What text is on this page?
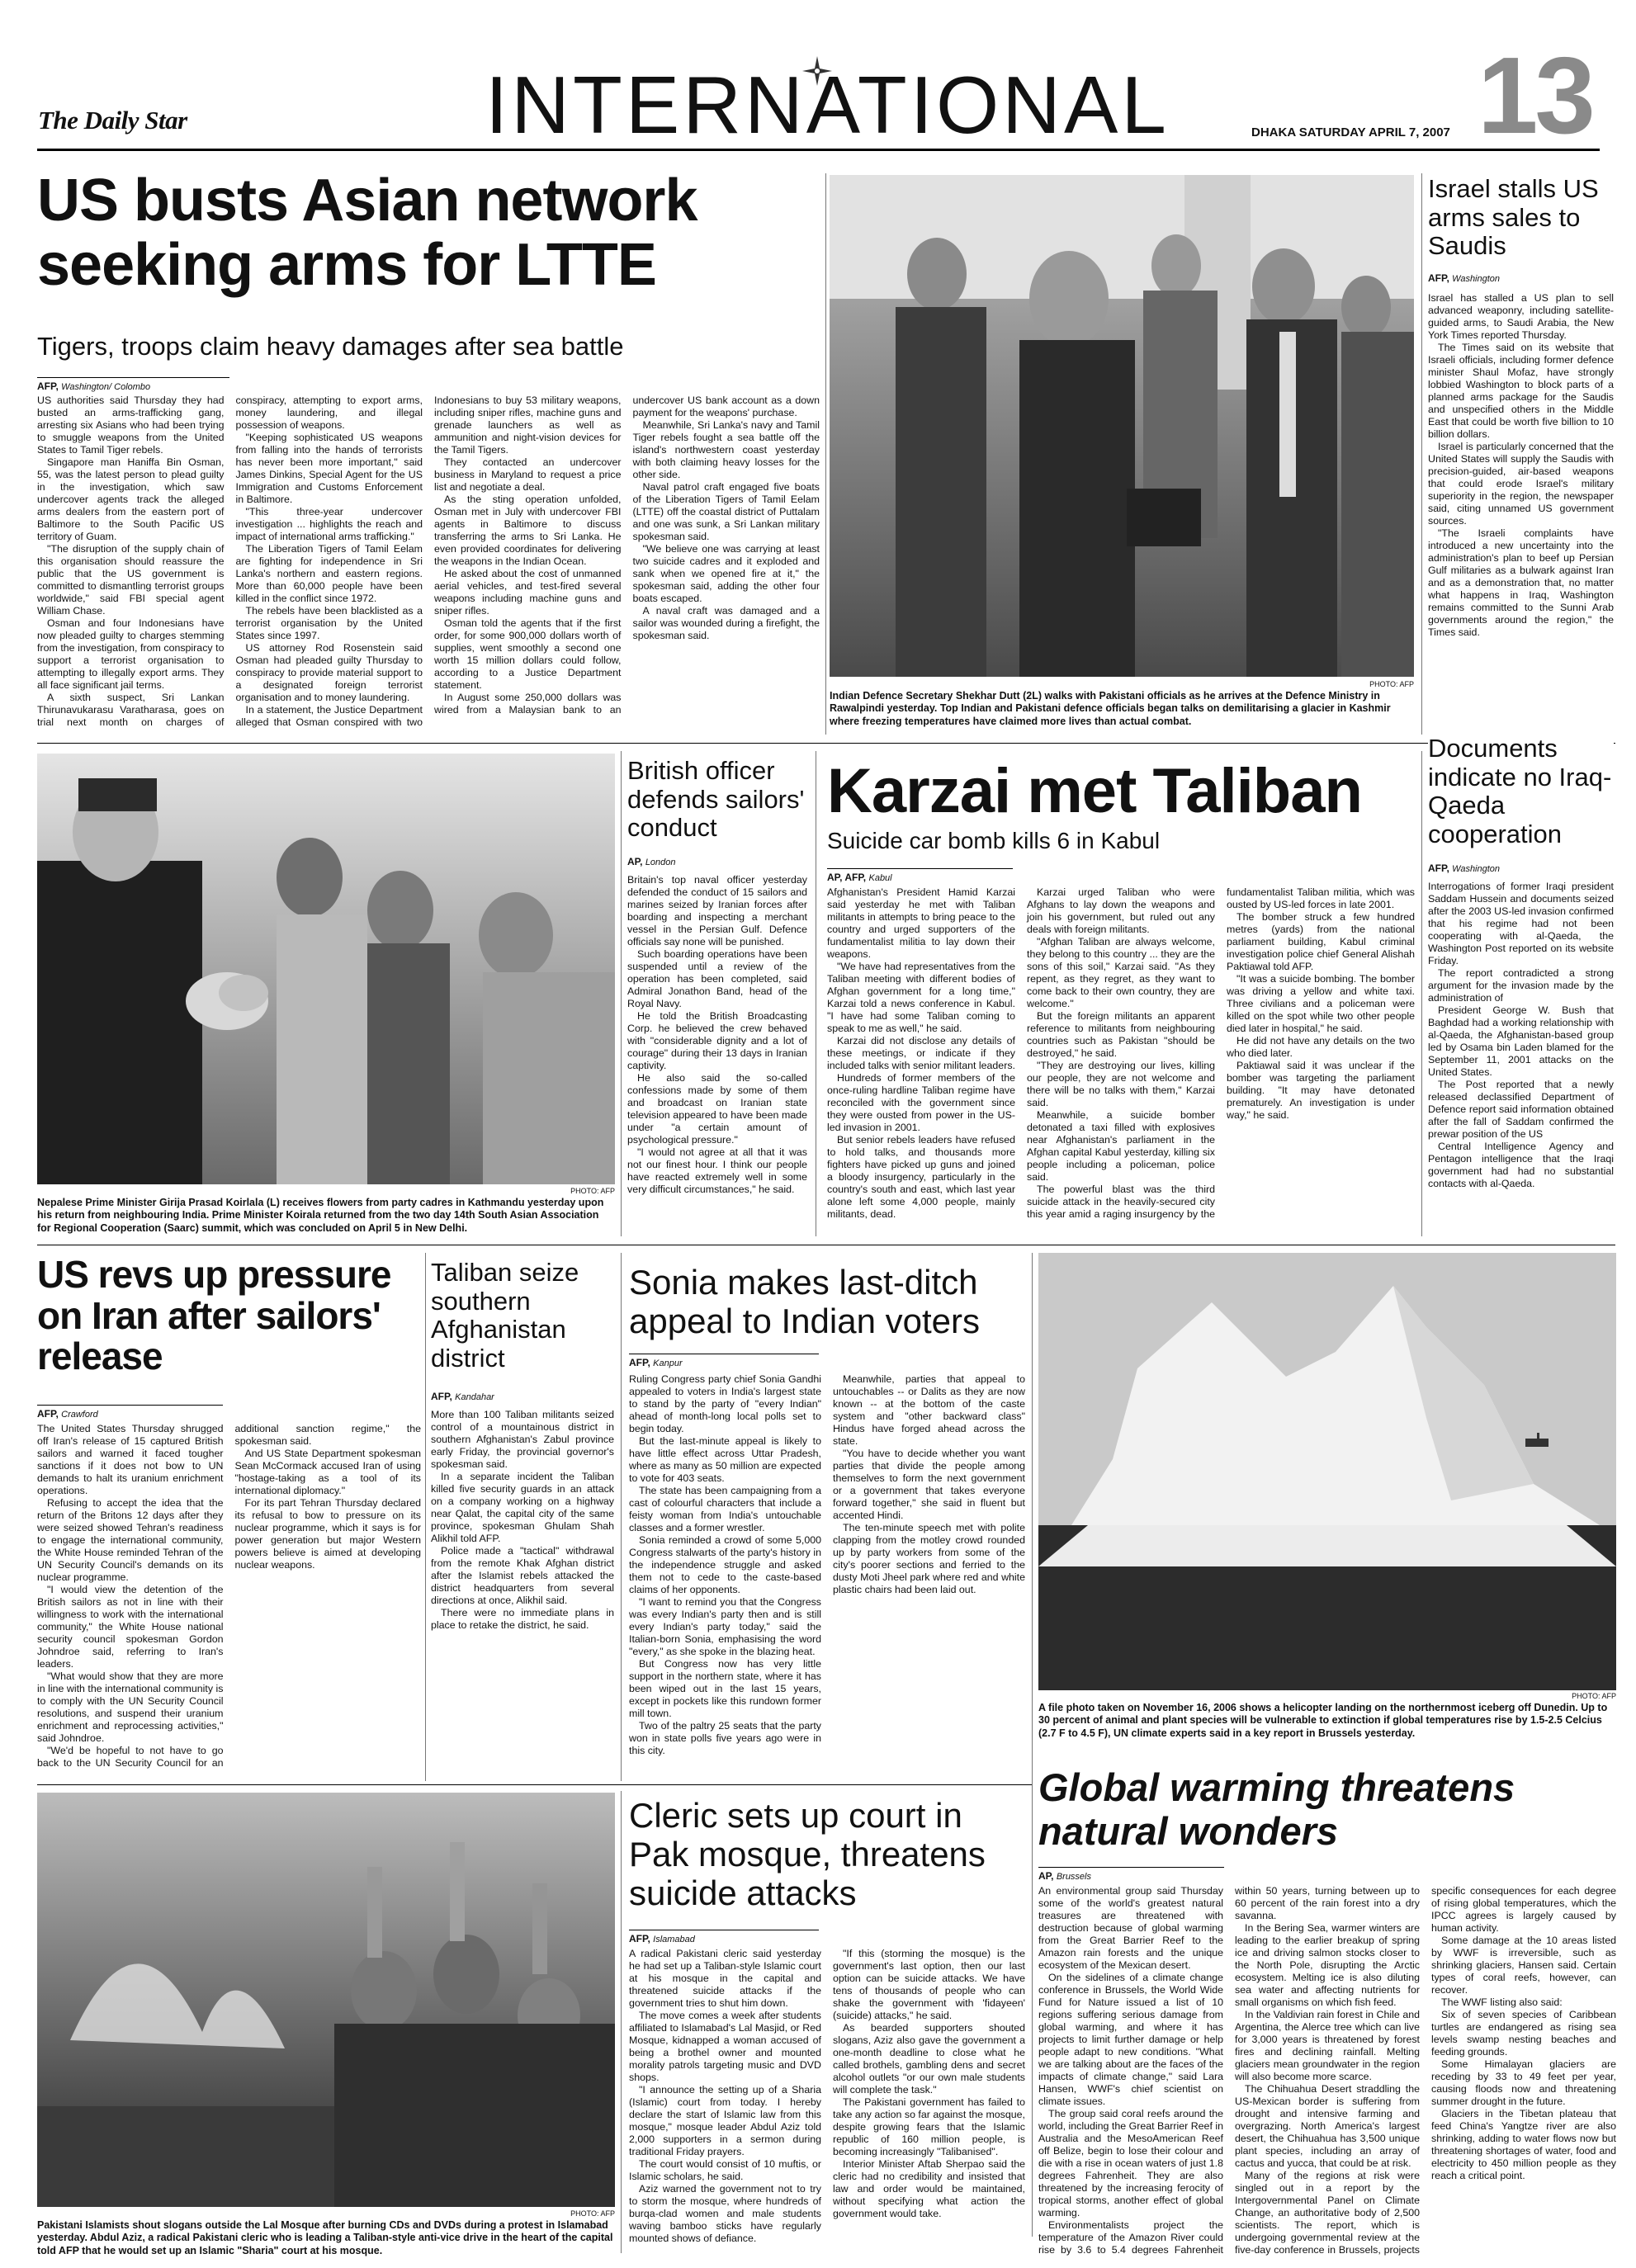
The Daily Star	INTERNATIONAL	DHAKA SATURDAY APRIL 7, 2007 13
US busts Asian network seeking arms for LTTE
Tigers, troops claim heavy damages after sea battle
AFP, Washington/ Colombo

US authorities said Thursday they had busted an arms-trafficking gang, arresting six Asians who had been trying to smuggle weapons from the United States to Tamil Tiger rebels.

Singapore man Haniffa Bin Osman, 55, was the latest person to plead guilty in the investigation, which saw undercover agents track the alleged arms dealers from the eastern port of Baltimore to the South Pacific US territory of Guam.

"The disruption of the supply chain of this organisation should reassure the public that the US government is committed to dismantling terrorist groups worldwide," said FBI special agent William Chase.

Osman and four Indonesians have now pleaded guilty to charges stemming from the investigation, from conspiracy to support a terrorist organisation to attempting to illegally export arms. They all face significant jail terms.

A sixth suspect, Sri Lankan Thirunavukarasu Varatharasa, goes on trial next month on charges of conspiracy, attempting to export arms, money laundering, and illegal possession of weapons.

"Keeping sophisticated US weapons from falling into the hands of terrorists has never been more important," said James Dinkins, Special Agent for the US Immigration and Customs Enforcement in Baltimore.

"This three-year undercover investigation ... highlights the reach and impact of international arms trafficking."

The Liberation Tigers of Tamil Eelam are fighting for independence in Sri Lanka's northern and eastern regions. More than 60,000 people have been killed in the conflict since 1972.

The rebels have been blacklisted as a terrorist organisation by the United States since 1997.

US attorney Rod Rosenstein said Osman had pleaded guilty Thursday to conspiracy to provide material support to a designated foreign terrorist organisation and to money laundering.

In a statement, the Justice Department alleged that Osman conspired with two Indonesians to buy 53 military weapons, including sniper rifles, machine guns and grenade launchers as well as ammunition and night-vision devices for the Tamil Tigers.

They contacted an undercover business in Maryland to request a price list and negotiate a deal.

As the sting operation unfolded, Osman met in July with undercover FBI agents in Baltimore to discuss transferring the arms to Sri Lanka. He even provided coordinates for delivering the weapons in the Indian Ocean.

He asked about the cost of unmanned aerial vehicles, and test-fired several weapons including machine guns and sniper rifles.

Osman told the agents that if the first order, for some 900,000 dollars worth of supplies, went smoothly a second one worth 15 million dollars could follow, according to a Justice Department statement.

In August some 250,000 dollars was wired from a Malaysian bank to an undercover US bank account as a down payment for the weapons' purchase.

Meanwhile, Sri Lanka's navy and Tamil Tiger rebels fought a sea battle off the island's northwestern coast yesterday with both claiming heavy losses for the other side.

Naval patrol craft engaged five boats of the Liberation Tigers of Tamil Eelam (LTTE) off the coastal district of Puttalam and one was sunk, a Sri Lankan military spokesman said.

"We believe one was carrying at least two suicide cadres and it exploded and sank when we opened fire at it," the spokesman said, adding the other four boats escaped.

A naval craft was damaged and a sailor was wounded during a firefight, the spokesman said.

PHOTO: AFP
Indian Defence Secretary Shekhar Dutt (2L) walks with Pakistani officials as he arrives at the Defence Ministry in Rawalpindi yesterday. Top Indian and Pakistani defence officials began talks on demilitarising a glacier in Kashmir where freezing temperatures have claimed more lives than actual combat.
Israel stalls US arms sales to Saudis
AFP, Washington

Israel has stalled a US plan to sell advanced weaponry, including satellite-guided arms, to Saudi Arabia, the New York Times reported Thursday.

The Times said on its website that Israeli officials, including former defence minister Shaul Mofaz, have strongly lobbied Washington to block parts of a planned arms package for the Saudis and unspecified others in the Middle East that could be worth five billion to 10 billion dollars.

Israel is particularly concerned that the United States will supply the Saudis with precision-guided, air-based weapons that could erode Israel's military superiority in the region, the newspaper said, citing unnamed US government sources.

"The Israeli complaints have introduced a new uncertainty into the administration's plan to beef up Persian Gulf militaries as a bulwark against Iran and as a demonstration that, no matter what happens in Iraq, Washington remains committed to the Sunni Arab governments around the region," the Times said.

PHOTO: AFP
Nepalese Prime Minister Girija Prasad Koirlala (L) receives flowers from party cadres in Kathmandu yesterday upon his return from neighbouring India. Prime Minister Koirala returned from the two day 14th South Asian Association for Regional Cooperation (Saarc) summit, which was concluded on April 5 in New Delhi.
British officer defends sailors' conduct
AP, London

Britain's top naval officer yesterday defended the conduct of 15 sailors and marines seized by Iranian forces after boarding and inspecting a merchant vessel in the Persian Gulf. Defence officials say none will be punished.

Such boarding operations have been suspended until a review of the operation has been completed, said Admiral Jonathon Band, head of the Royal Navy.

He told the British Broadcasting Corp. he believed the crew behaved with "considerable dignity and a lot of courage" during their 13 days in Iranian captivity.

He also said the so-called confessions made by some of them and broadcast on Iranian state television appeared to have been made under "a certain amount of psychological pressure."

"I would not agree at all that it was not our finest hour. I think our people have reacted extremely well in some very difficult circumstances," he said.

Karzai met Taliban
Suicide car bomb kills 6 in Kabul
AP, AFP, Kabul

Afghanistan's President Hamid Karzai said yesterday he met with Taliban militants in attempts to bring peace to the country and urged supporters of the fundamentalist militia to lay down their weapons.

"We have had representatives from the Taliban meeting with different bodies of Afghan government for a long time," Karzai told a news conference in Kabul. "I have had some Taliban coming to speak to me as well," he said.

Karzai did not disclose any details of these meetings, or indicate if they included talks with senior militant leaders.

Hundreds of former members of the once-ruling hardline Taliban regime have reconciled with the government since they were ousted from power in the US-led invasion in 2001.

But senior rebels leaders have refused to hold talks, and thousands more fighters have picked up guns and joined a bloody insurgency, particularly in the country's south and east, which last year alone left some 4,000 people, mainly militants, dead.

Karzai urged Taliban who were Afghans to lay down the weapons and join his government, but ruled out any deals with foreign militants.

"Afghan Taliban are always welcome, they belong to this country ... they are the sons of this soil," Karzai said. "As they repent, as they regret, as they want to come back to their own country, they are welcome."

But the foreign militants an apparent reference to militants from neighbouring countries such as Pakistan "should be destroyed," he said.

"They are destroying our lives, killing our people, they are not welcome and there will be no talks with them," Karzai said.

Meanwhile, a suicide bomber detonated a taxi filled with explosives near Afghanistan's parliament in the Afghan capital Kabul yesterday, killing six people including a policeman, police said.

The powerful blast was the third suicide attack in the heavily-secured city this year amid a raging insurgency by the fundamentalist Taliban militia, which was ousted by US-led forces in late 2001.

The bomber struck a few hundred metres (yards) from the national parliament building, Kabul criminal investigation police chief General Alishah Paktiawal told AFP.

"It was a suicide bombing. The bomber was driving a yellow and white taxi. Three civilians and a policeman were killed on the spot while two other people died later in hospital," he said.

He did not have any details on the two who died later.

Paktiawal said it was unclear if the bomber was targeting the parliament building. "It may have detonated prematurely. An investigation is under way," he said.

Documents indicate no Iraq-Qaeda cooperation
AFP, Washington

Interrogations of former Iraqi president Saddam Hussein and documents seized after the 2003 US-led invasion confirmed that his regime had not been cooperating with al-Qaeda, the Washington Post reported on its website Friday.

The report contradicted a strong argument for the invasion made by the administration of

President George W. Bush that Baghdad had a working relationship with al-Qaeda, the Afghanistan-based group led by Osama bin Laden blamed for the September 11, 2001 attacks on the United States.

The Post reported that a newly released declassified Department of Defence report said information obtained after the fall of Saddam confirmed the prewar position of the US

Central Intelligence Agency and Pentagon intelligence that the Iraqi government had had no substantial contacts with al-Qaeda.

US revs up pressure on Iran after sailors' release
AFP, Crawford

The United States Thursday shrugged off Iran's release of 15 captured British sailors and warned it faced tougher sanctions if it does not bow to UN demands to halt its uranium enrichment operations.

Refusing to accept the idea that the return of the Britons 12 days after they were seized showed Tehran's readiness to engage the international community, the White House reminded Tehran of the UN Security Council's demands on its nuclear programme.

"I would view the detention of the British sailors as not in line with their willingness to work with the international community," the White House national security council spokesman Gordon Johndroe said, referring to Iran's leaders.

"What would show that they are more in line with the international community is to comply with the UN Security Council resolutions, and suspend their uranium enrichment and reprocessing activities," said Johndroe.

"We'd be hopeful to not have to go back to the UN Security Council for an additional sanction regime," the spokesman said.

And US State Department spokesman Sean McCormack accused Iran of using "hostage-taking as a tool of its international diplomacy."

For its part Tehran Thursday declared its refusal to bow to pressure on its nuclear programme, which it says is for power generation but major Western powers believe is aimed at developing nuclear weapons.

Taliban seize southern Afghanistan district
AFP, Kandahar

More than 100 Taliban militants seized control of a mountainous district in southern Afghanistan's Zabul province early Friday, the provincial governor's spokesman said.

In a separate incident the Taliban killed five security guards in an attack on a company working on a highway near Qalat, the capital city of the same province, spokesman Ghulam Shah Alikhil told AFP.

Police made a "tactical" withdrawal from the remote Khak Afghan district after the Islamist rebels attacked the district headquarters from several directions at once, Alikhil said.

There were no immediate plans in place to retake the district, he said.

Sonia makes last-ditch appeal to Indian voters
AFP, Kanpur

Ruling Congress party chief Sonia Gandhi appealed to voters in India's largest state to stand by the party of "every Indian" ahead of month-long local polls set to begin today.

But the last-minute appeal is likely to have little effect across Uttar Pradesh, where as many as 50 million are expected to vote for 403 seats.

The state has been campaigning from a cast of colourful characters that include a feisty woman from India's untouchable classes and a former wrestler.

Sonia reminded a crowd of some 5,000 Congress stalwarts of the party's history in the independence struggle and asked them not to cede to the caste-based claims of her opponents.

"I want to remind you that the Congress was every Indian's party then and is still every Indian's party today," said the Italian-born Sonia, emphasising the word "every," as she spoke in the blazing heat.

But Congress now has very little support in the northern state, where it has been wiped out in the last 15 years, except in pockets like this rundown former mill town.

Two of the paltry 25 seats that the party won in state polls five years ago were in this city.

Meanwhile, parties that appeal to untouchables -- or Dalits as they are now known -- at the bottom of the caste system and "other backward class" Hindus have forged ahead across the state.

"You have to decide whether you want parties that divide the people among themselves to form the next government or a government that takes everyone forward together," she said in fluent but accented Hindi.

The ten-minute speech met with polite clapping from the motley crowd rounded up by party workers from some of the city's poorer sections and ferried to the dusty Moti Jheel park where red and white plastic chairs had been laid out.

PHOTO: AFP
A file photo taken on November 16, 2006 shows a helicopter landing on the northernmost iceberg off Dunedin. Up to 30 percent of animal and plant species will be vulnerable to extinction if global temperatures rise by 1.5-2.5 Celcius (2.7 F to 4.5 F), UN climate experts said in a key report in Brussels yesterday.
Global warming threatens natural wonders
AP, Brussels

An environmental group said Thursday some of the world's greatest natural treasures are threatened with destruction because of global warming from the Great Barrier Reef to the Amazon rain forests and the unique ecosystem of the Mexican desert.

On the sidelines of a climate change conference in Brussels, the World Wide Fund for Nature issued a list of 10 regions suffering serious damage from global warming, and where it has projects to limit further damage or help people adapt to new conditions. "What we are talking about are the faces of the impacts of climate change," said Lara Hansen, WWF's chief scientist on climate issues.

The group said coral reefs around the world, including the Great Barrier Reef in Australia and the MesoAmerican Reef off Belize, begin to lose their colour and die with a rise in ocean waters of just 1.8 degrees Fahrenheit. They are also threatened by the increasing ferocity of tropical storms, another effect of global warming.

Environmentalists project the temperature of the Amazon River could rise by 3.6 to 5.4 degrees Fahrenheit within 50 years, turning between up to 60 percent of the rain forest into a dry savanna.

In the Bering Sea, warmer winters are leading to the earlier breakup of spring ice and driving salmon stocks closer to the North Pole, disrupting the Arctic ecosystem. Melting ice is also diluting sea water and affecting nutrients for small organisms on which fish feed.

In the Valdivian rain forest in Chile and Argentina, the Alerce tree which can live for 3,000 years is threatened by forest fires and declining rainfall. Melting glaciers mean groundwater in the region will also become more scarce.

The Chihuahua Desert straddling the US-Mexican border is suffering from drought and intensive farming and overgrazing. North America's largest desert, the Chihuahua has 3,500 unique plant species, including an array of cactus and yucca, that could be at risk.

Many of the regions at risk were singled out in a report by the Intergovernmental Panel on Climate Change, an authoritative body of 2,500 scientists. The report, which is undergoing governmental review at the five-day conference in Brussels, projects specific consequences for each degree of rising global temperatures, which the IPCC agrees is largely caused by human activity.

Some damage at the 10 areas listed by WWF is irreversible, such as shrinking glaciers, Hansen said. Certain types of coral reefs, however, can recover.

The WWF listing also said:

Six of seven species of Caribbean turtles are endangered as rising sea levels swamp nesting beaches and feeding grounds.

Some Himalayan glaciers are receding by 33 to 49 feet per year, causing floods now and threatening summer drought in the future.

Glaciers in the Tibetan plateau that feed China's Yangtze river are also shrinking, adding to water flows now but threatening shortages of water, food and electricity to 450 million people as they reach a critical point.

PHOTO: AFP
Pakistani Islamists shout slogans outside the Lal Mosque after burning CDs and DVDs during a protest in Islamabad yesterday. Abdul Aziz, a radical Pakistani cleric who is leading a Taliban-style anti-vice drive in the heart of the capital told AFP that he would set up an Islamic "Sharia" court at his mosque.
Cleric sets up court in Pak mosque, threatens suicide attacks
AFP, Islamabad

A radical Pakistani cleric said yesterday he had set up a Taliban-style Islamic court at his mosque in the capital and threatened suicide attacks if the government tries to shut him down.

The move comes a week after students affiliated to Islamabad's Lal Masjid, or Red Mosque, kidnapped a woman accused of being a brothel owner and mounted morality patrols targeting music and DVD shops.

"I announce the setting up of a Sharia (Islamic) court from today. I hereby declare the start of Islamic law from this mosque," mosque leader Abdul Aziz told 2,000 supporters in a sermon during traditional Friday prayers.

The court would consist of 10 muftis, or Islamic scholars, he said.

Aziz warned the government not to try to storm the mosque, where hundreds of burqa-clad women and male students waving bamboo sticks have regularly mounted shows of defiance.

"If this (storming the mosque) is the government's last option, then our last option can be suicide attacks. We have tens of thousands of people who can shake the government with 'fidayeen' (suicide) attacks," he said.

As bearded supporters shouted slogans, Aziz also gave the government a one-month deadline to close what he called brothels, gambling dens and secret alcohol outlets "or our own male students will complete the task."

The Pakistani government has failed to take any action so far against the mosque, despite growing fears that the Islamic republic of 160 million people, is becoming increasingly "Talibanised".

Interior Minister Aftab Sherpao said the cleric had no credibility and insisted that law and order would be maintained, without specifying what action the government would take.
